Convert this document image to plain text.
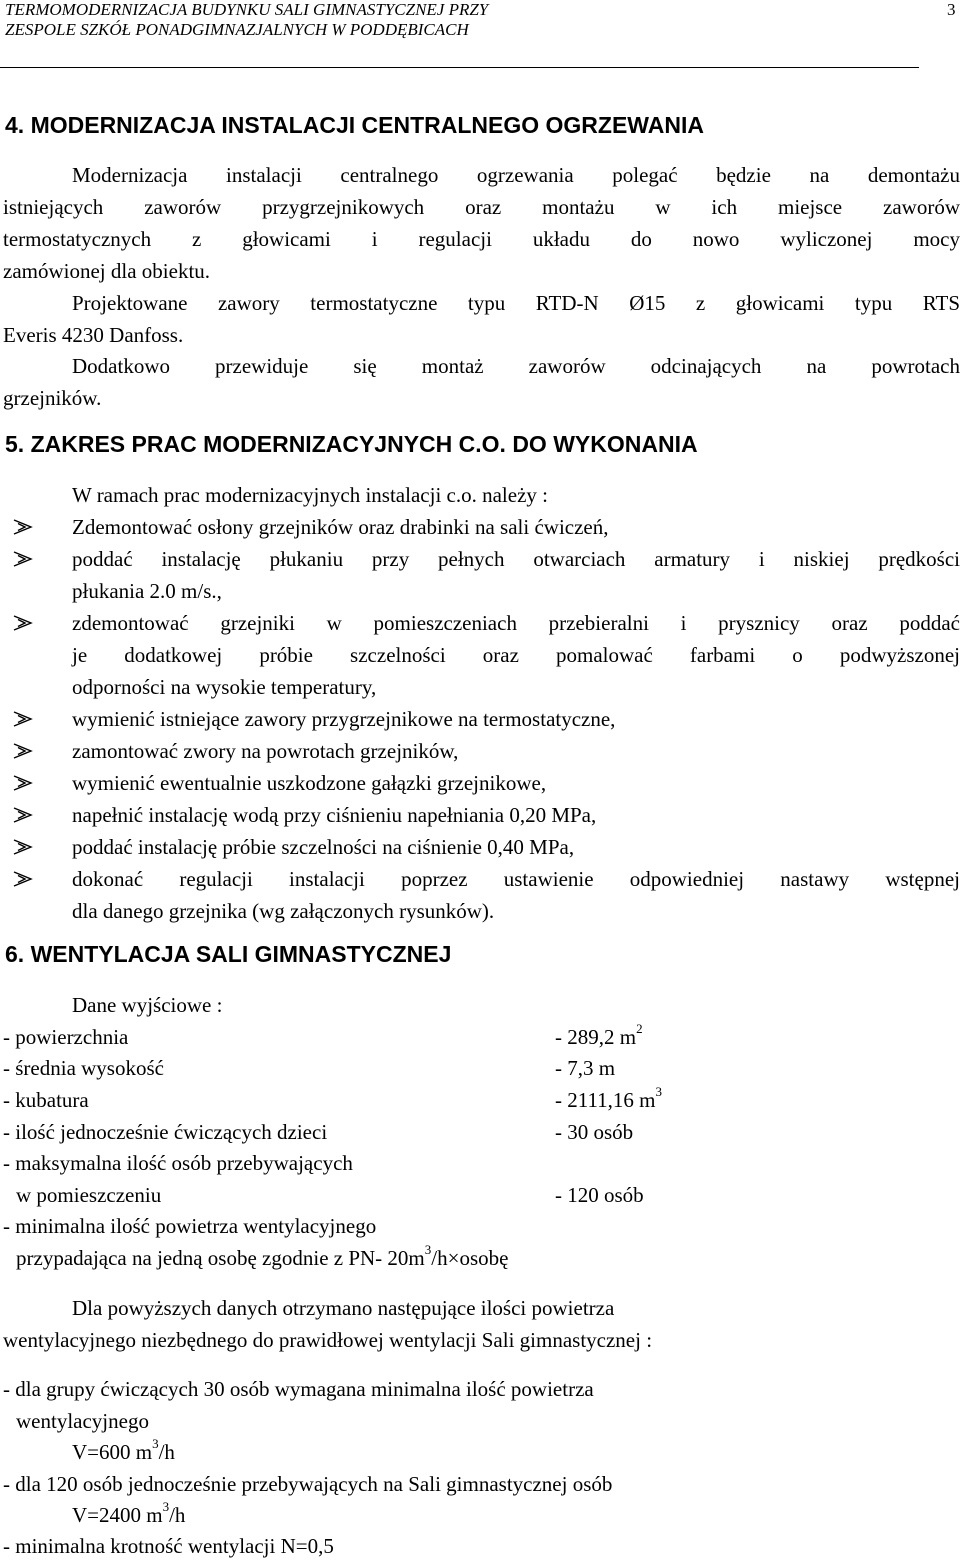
TERMOMODERNIZACJA BUDYNKU SALI GIMNASTYCZNEJ PRZY
ZESPOLE SZKÓŁ PONADGIMNAZJALNYCH W PODDĘBICACH
3
4. MODERNIZACJA INSTALACJI CENTRALNEGO OGRZEWANIA
Modernizacja instalacji centralnego ogrzewania polegać będzie na demontażu
istniejących zaworów przygrzejnikowych oraz montażu w ich miejsce zaworów
termostatycznych z głowicami i regulacji układu do nowo wyliczonej mocy
zamówionej dla obiektu.
Projektowane zawory termostatyczne typu RTD-N Ø15 z głowicami typu RTS
Everis 4230 Danfoss.
Dodatkowo przewiduje się montaż zaworów odcinających na powrotach
grzejników.
5. ZAKRES PRAC MODERNIZACYJNYCH C.O. DO WYKONANIA
W ramach prac modernizacyjnych instalacji c.o. należy :
Zdemontować osłony grzejników oraz drabinki na sali ćwiczeń,
poddać instalację płukaniu przy pełnych otwarciach armatury i niskiej prędkości
płukania 2.0 m/s.,
zdemontować grzejniki w pomieszczeniach przebieralni i prysznicy oraz poddać
je dodatkowej próbie szczelności oraz pomalować farbami o podwyższonej
odporności na wysokie temperatury,
wymienić istniejące zawory przygrzejnikowe na termostatyczne,
zamontować zwory na powrotach grzejników,
wymienić ewentualnie uszkodzone gałązki grzejnikowe,
napełnić instalację wodą przy ciśnieniu napełniania 0,20 MPa,
poddać instalację próbie szczelności na ciśnienie 0,40 MPa,
dokonać regulacji instalacji poprzez ustawienie odpowiedniej nastawy wstępnej
dla danego grzejnika (wg załączonych rysunków).
6. WENTYLACJA SALI GIMNASTYCZNEJ
Dane wyjściowe :
- powierzchnia	- 289,2 $m^2$
- średnia wysokość	- 7,3 m
- kubatura	- 2111,16 $m^3$
- ilość jednocześnie ćwiczących dzieci	- 30 osób
- maksymalna ilość osób przebywających
w pomieszczeniu	- 120 osób
- minimalna ilość powietrza wentylacyjnego
przypadająca na jedną osobę zgodnie z PN- $20m^3/h\times osobę$
Dla powyższych danych otrzymano następujące ilości powietrza
wentylacyjnego niezbędnego do prawidłowej wentylacji Sali gimnastycznej :
- dla grupy ćwiczących 30 osób wymagana minimalna ilość powietrza
wentylacyjnego
V=600 $m^3/h$
- dla 120 osób jednocześnie przebywających na Sali gimnastycznej osób
V=2400 $m^3/h$
- minimalna krotność wentylacji N=0,5
